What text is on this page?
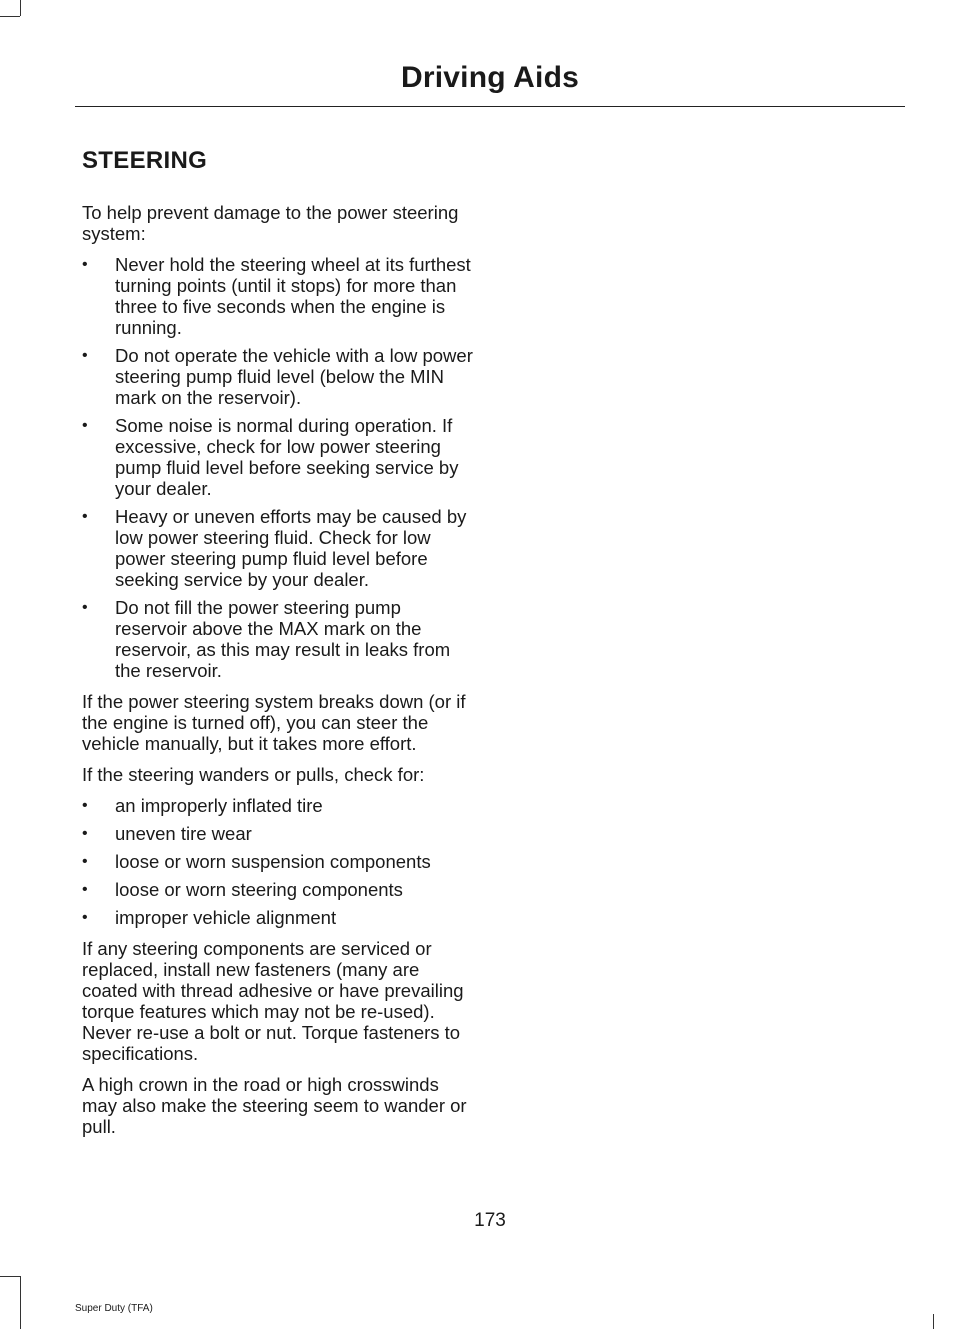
Driving Aids
STEERING

To help prevent damage to the power steering system:

• Never hold the steering wheel at its furthest turning points (until it stops) for more than three to five seconds when the engine is running.
• Do not operate the vehicle with a low power steering pump fluid level (below the MIN mark on the reservoir).
• Some noise is normal during operation. If excessive, check for low power steering pump fluid level before seeking service by your dealer.
• Heavy or uneven efforts may be caused by low power steering fluid. Check for low power steering pump fluid level before seeking service by your dealer.
• Do not fill the power steering pump reservoir above the MAX mark on the reservoir, as this may result in leaks from the reservoir.

If the power steering system breaks down (or if the engine is turned off), you can steer the vehicle manually, but it takes more effort.

If the steering wanders or pulls, check for:

• an improperly inflated tire
• uneven tire wear
• loose or worn suspension components
• loose or worn steering components
• improper vehicle alignment

If any steering components are serviced or replaced, install new fasteners (many are coated with thread adhesive or have prevailing torque features which may not be re-used). Never re-use a bolt or nut. Torque fasteners to specifications.

A high crown in the road or high crosswinds may also make the steering seem to wander or pull.

173
Super Duty (TFA)
